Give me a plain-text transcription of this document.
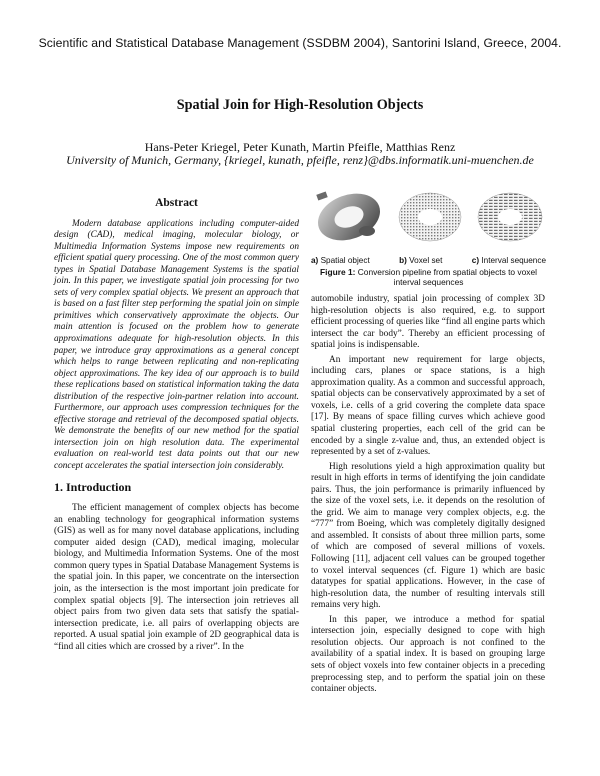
Scientific and Statistical Database Management (SSDBM 2004), Santorini Island, Greece, 2004.
Spatial Join for High-Resolution Objects
Hans-Peter Kriegel, Peter Kunath, Martin Pfeifle, Matthias Renz
University of Munich, Germany, {kriegel, kunath, pfeifle, renz}@dbs.informatik.uni-muenchen.de
Abstract

Modern database applications including computer-aided design (CAD), medical imaging, molecular biology, or Multimedia Information Systems impose new requirements on efficient spatial query processing. One of the most common query types in Spatial Database Management Systems is the spatial join. In this paper, we investigate spatial join processing for two sets of very complex spatial objects. We present an approach that is based on a fast filter step performing the spatial join on simple primitives which conservatively approximate the objects. Our main attention is focused on the problem how to generate approximations adequate for high-resolution objects. In this paper, we introduce gray approximations as a general concept which helps to range between replicating and non-replicating object approximations. The key idea of our approach is to build these replications based on statistical information taking the data distribution of the respective join-partner relation into account. Furthermore, our approach uses compression techniques for the effective storage and retrieval of the decomposed spatial objects. We demonstrate the benefits of our new method for the spatial intersection join on high resolution data. The experimental evaluation on real-world test data points out that our new concept accelerates the spatial intersection join considerably.

1. Introduction

The efficient management of complex objects has become an enabling technology for geographical information systems (GIS) as well as for many novel database applications, including computer aided design (CAD), medical imaging, molecular biology, and Multimedia Information Systems. One of the most common query types in Spatial Database Management Systems is the spatial join. In this paper, we concentrate on the intersection join, as the intersection is the most important join predicate for complex spatial objects [9]. The intersection join retrieves all object pairs from two given data sets that satisfy the spatial-intersection predicate, i.e. all pairs of overlapping objects are reported. A usual spatial join example of 2D geographical data is “find all cities which are crossed by a river”. In the

a) Spatial object	b) Voxel set	c) Interval sequence
Figure 1: Conversion pipeline from spatial objects to voxel interval sequences

automobile industry, spatial join processing of complex 3D high-resolution objects is also required, e.g. to support efficient processing of queries like “find all engine parts which intersect the car body”. Thereby an efficient processing of spatial joins is indispensable.

An important new requirement for large objects, including cars, planes or space stations, is a high approximation quality. As a common and successful approach, spatial objects can be conservatively approximated by a set of voxels, i.e. cells of a grid covering the complete data space [17]. By means of space filling curves which achieve good spatial clustering properties, each cell of the grid can be encoded by a single z-value and, thus, an extended object is represented by a set of z-values.

High resolutions yield a high approximation quality but result in high efforts in terms of identifying the join candidate pairs. Thus, the join performance is primarily influenced by the size of the voxel sets, i.e. it depends on the resolution of the grid. We aim to manage very complex objects, e.g. the “777” from Boeing, which was completely digitally designed and assembled. It consists of about three million parts, some of which are composed of several millions of voxels. Following [11], adjacent cell values can be grouped together to voxel interval sequences (cf. Figure 1) which are basic datatypes for spatial applications. However, in the case of high-resolution data, the number of resulting intervals still remains very high.

In this paper, we introduce a method for spatial intersection join, especially designed to cope with high resolution objects. Our approach is not confined to the availability of a spatial index. It is based on grouping large sets of object voxels into few container objects in a preceding preprocessing step, and to perform the spatial join on these container objects.
